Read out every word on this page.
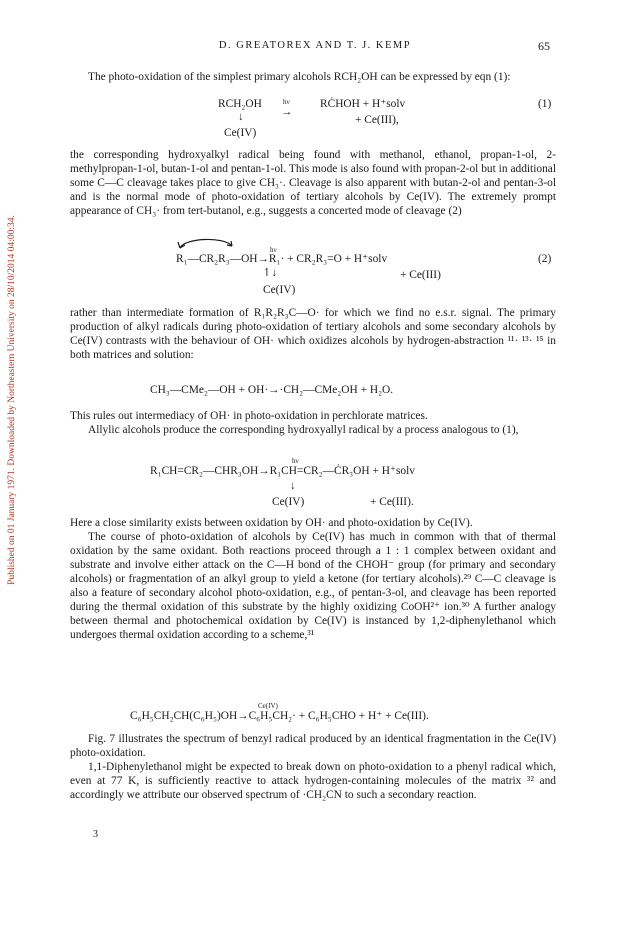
Published on 01 January 1971. Downloaded by Northeastern University on 28/10/2014 04:00:34.
D. GREATOREX AND T. J. KEMP	65

The photo-oxidation of the simplest primary alcohols RCH₂OH can be expressed by eqn (1):

RCH₂OH	hν
→
RĊHOH + H⁺solv
↓	+ Ce(III),
Ce(IV)
(1)

the corresponding hydroxyalkyl radical being found with methanol, ethanol, propan-1-ol, 2-methylpropan-1-ol, butan-1-ol and pentan-1-ol. This mode is also found with propan-2-ol but in additional some C—C cleavage takes place to give CH₃·. Cleavage is also apparent with butan-2-ol and pentan-3-ol and is the normal mode of photo-oxidation of tertiary alcohols by Ce(IV). The extremely prompt appearance of CH₃· from tert-butanol, e.g., suggests a concerted mode of cleavage (2)

hν
R₁—CR₂R₃—OH→R₁· + CR₂R₃=O + H⁺solv	(2)
↿↓	+ Ce(III)
Ce(IV)

rather than intermediate formation of R₁R₂R₃C—O· for which we find no e.s.r. signal. The primary production of alkyl radicals during photo-oxidation of tertiary alcohols and some secondary alcohols by Ce(IV) contrasts with the behaviour of OH· which oxidizes alcohols by hydrogen-abstraction ¹¹· ¹³· ¹⁵ in both matrices and solution:

CH₃—CMe₂—OH + OH·→·CH₂—CMe₂OH + H₂O.

This rules out intermediacy of OH· in photo-oxidation in perchlorate matrices.

Allylic alcohols produce the corresponding hydroxyallyl radical by a process analogous to (1),

hν
R₁CH=CR₂—CHR₃OH→R₁CH=CR₂—ĊR₃OH + H⁺solv
↓
Ce(IV)	+ Ce(III).

Here a close similarity exists between oxidation by OH· and photo-oxidation by Ce(IV).

The course of photo-oxidation of alcohols by Ce(IV) has much in common with that of thermal oxidation by the same oxidant. Both reactions proceed through a 1 : 1 complex between oxidant and substrate and involve either attack on the C—H bond of the CHOH⁻ group (for primary and secondary alcohols) or fragmentation of an alkyl group to yield a ketone (for tertiary alcohols).²⁹ C—C cleavage is also a feature of secondary alcohol photo-oxidation, e.g., of pentan-3-ol, and cleavage has been reported during the thermal oxidation of this substrate by the highly oxidizing CoOH²⁺ ion.³⁰ A further analogy between thermal and photochemical oxidation by Ce(IV) is instanced by 1,2-diphenylethanol which undergoes thermal oxidation according to a scheme,³¹

Ce(IV)
C₆H₅CH₂CH(C₆H₅)OH→C₆H₅CH₂· + C₆H₅CHO + H⁺ + Ce(III).

Fig. 7 illustrates the spectrum of benzyl radical produced by an identical fragmentation in the Ce(IV) photo-oxidation.

1,1-Diphenylethanol might be expected to break down on photo-oxidation to a phenyl radical which, even at 77 K, is sufficiently reactive to attack hydrogen-containing molecules of the matrix ³² and accordingly we attribute our observed spectrum of ·CH₂CN to such a secondary reaction.

3
